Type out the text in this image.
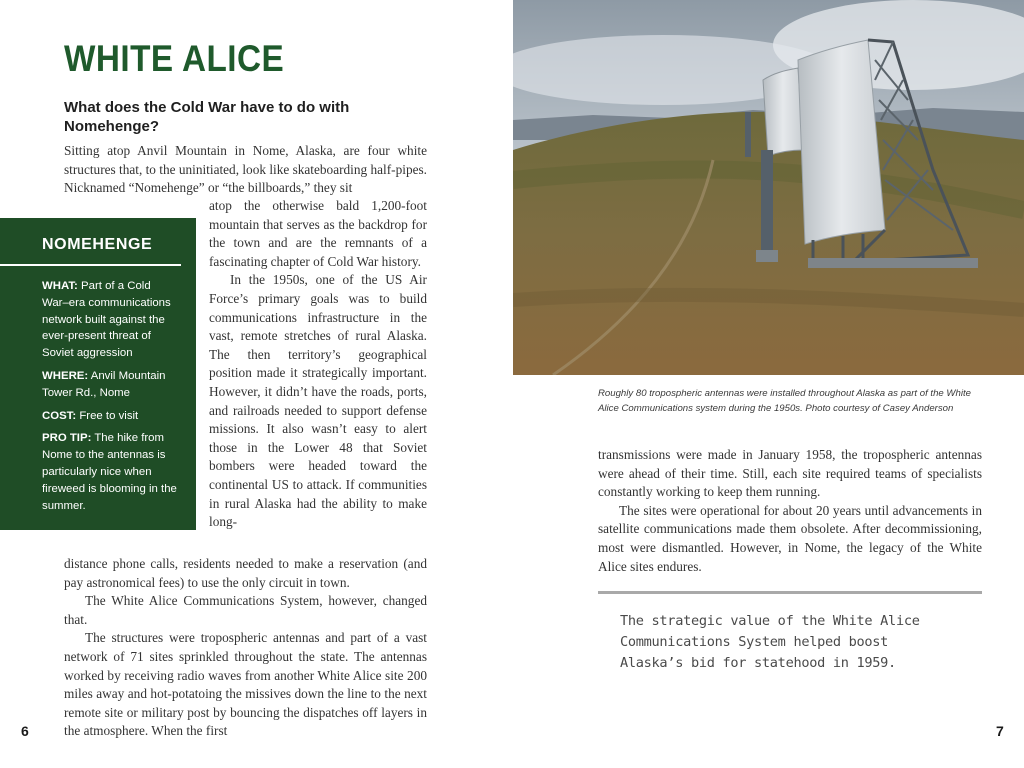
WHITE ALICE
What does the Cold War have to do with Nomehenge?

Sitting atop Anvil Mountain in Nome, Alaska, are four white structures that, to the uninitiated, look like skateboarding half-pipes. Nicknamed “Nomehenge” or “the billboards,” they sit

atop the otherwise bald 1,200-foot mountain that serves as the backdrop for the town and are the remnants of a fascinating chapter of Cold War history.

In the 1950s, one of the US Air Force’s primary goals was to build communications infrastructure in the vast, remote stretches of rural Alaska. The then territory’s geographical position made it strategically important. However, it didn’t have the roads, ports, and railroads needed to support defense missions. It also wasn’t easy to alert those in the Lower 48 that Soviet bombers were headed toward the continental US to attack. If communities in rural Alaska had the ability to make long-

distance phone calls, residents needed to make a reservation (and pay astronomical fees) to use the only circuit in town.

The White Alice Communications System, however, changed that.

The structures were tropospheric antennas and part of a vast network of 71 sites sprinkled throughout the state. The antennas worked by receiving radio waves from another White Alice site 200 miles away and hot-potatoing the missives down the line to the next remote site or military post by bouncing the dispatches off layers in the atmosphere. When the first

NOMEHENGE
WHAT: Part of a Cold War–era communications network built against the ever-present threat of Soviet aggression
WHERE: Anvil Mountain Tower Rd., Nome
COST: Free to visit
PRO TIP: The hike from Nome to the antennas is particularly nice when fireweed is blooming in the summer.
6

Roughly 80 tropospheric antennas were installed throughout Alaska as part of the White Alice Communications system during the 1950s. Photo courtesy of Casey Anderson

transmissions were made in January 1958, the tropospheric antennas were ahead of their time. Still, each site required teams of specialists constantly working to keep them running.

The sites were operational for about 20 years until advancements in satellite communications made them obsolete. After decommissioning, most were dismantled. However, in Nome, the legacy of the White Alice sites endures.

The strategic value of the White Alice Communications System helped boost Alaska’s bid for statehood in 1959.

7
